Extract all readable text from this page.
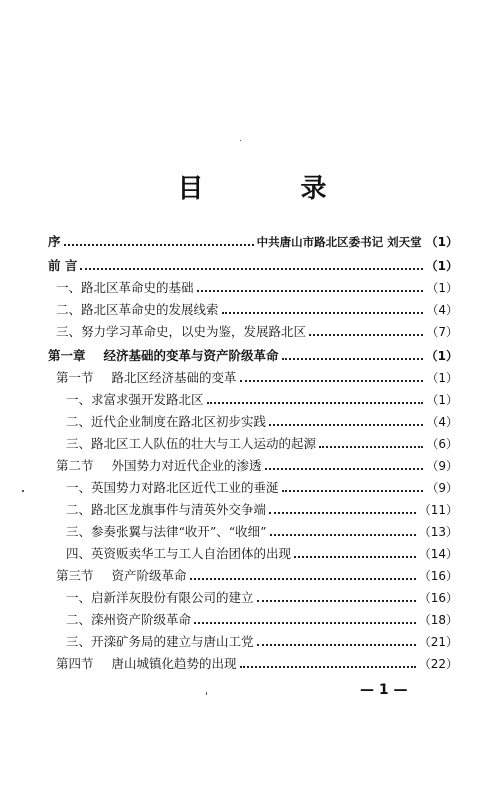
目 录
序	中共唐山市路北区委书记 刘天堂 （1）
前 言	（1）
一、路北区革命史的基础	（1）
二、路北区革命史的发展线索	（4）
三、努力学习革命史，以史为鉴，发展路北区	（7）
第一章 经济基础的变革与资产阶级革命	（1）
第一节 路北区经济基础的变革	（1）
一、求富求强开发路北区	（1）
二、近代企业制度在路北区初步实践	（4）
三、路北区工人队伍的壮大与工人运动的起源	（6）
第二节 外国势力对近代企业的渗透	（9）
一、英国势力对路北区近代工业的垂涎	（9）
二、路北区龙旗事件与清英外交争端	（11）
三、参奏张翼与法律“收开”、“收细”	（13）
四、英资贩卖华工与工人自治团体的出现	（14）
第三节 资产阶级革命	（16）
一、启新洋灰股份有限公司的建立	（16）
二、滦州资产阶级革命	（18）
三、开滦矿务局的建立与唐山工党	（21）
第四节 唐山城镇化趋势的出现	（22）
— 1 —
